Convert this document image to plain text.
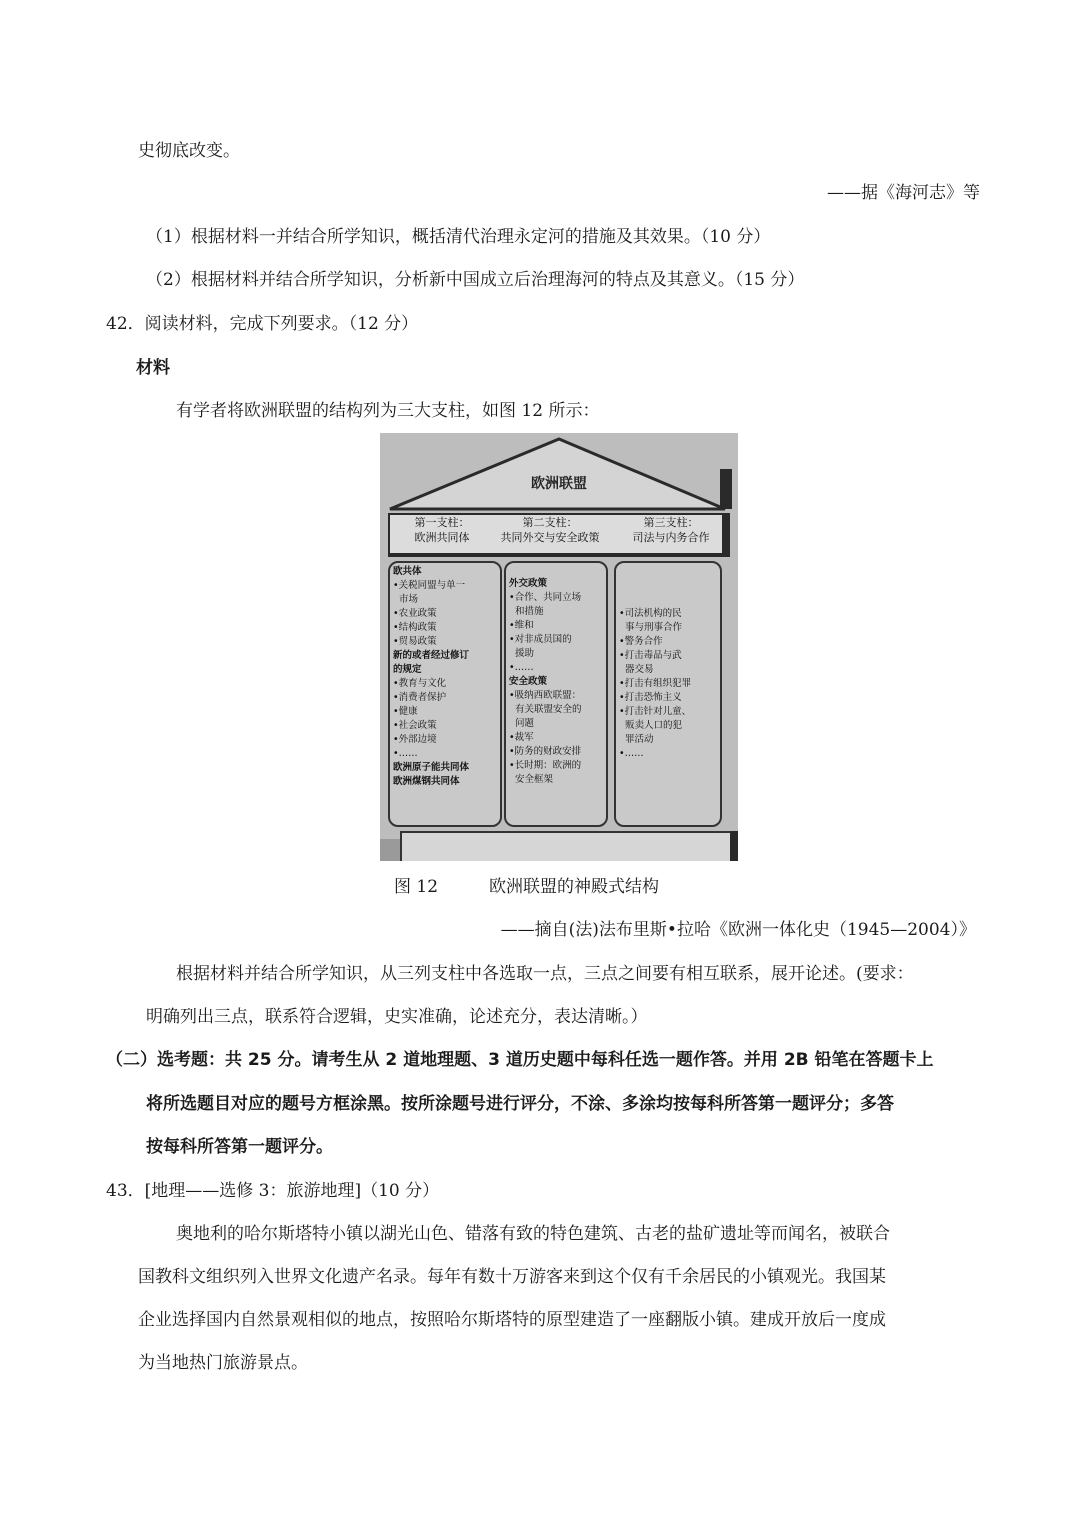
史彻底改变。
——据《海河志》等
（1）根据材料一并结合所学知识，概括清代治理永定河的措施及其效果。（10 分）
（2）根据材料并结合所学知识，分析新中国成立后治理海河的特点及其意义。（15 分）
42．阅读材料，完成下列要求。（12 分）
材料
有学者将欧洲联盟的结构列为三大支柱，如图 12 所示：
欧洲联盟
第一支柱：
欧洲共同体
第二支柱：
共同外交与安全政策
第三支柱：
司法与内务合作
欧共体
•关税同盟与单一
市场
•农业政策
•结构政策
•贸易政策
新的或者经过修订
的规定
•教育与文化
•消费者保护
•健康
•社会政策
•外部边境
•……
欧洲原子能共同体
欧洲煤钢共同体
外交政策
•合作、共同立场
和措施
•维和
•对非成员国的
援助
•……
安全政策
•吸纳西欧联盟：
有关联盟安全的
问题
•裁军
•防务的财政安排
•长时期：欧洲的
安全框架
•司法机构的民
事与刑事合作
•警务合作
•打击毒品与武
器交易
•打击有组织犯罪
•打击恐怖主义
•打击针对儿童、
贩卖人口的犯
罪活动
•……
图 12　　　欧洲联盟的神殿式结构
——摘自(法)法布里斯•拉哈《欧洲一体化史（1945—2004）》
根据材料并结合所学知识，从三列支柱中各选取一点，三点之间要有相互联系，展开论述。(要求：
明确列出三点，联系符合逻辑，史实准确，论述充分，表达清晰。）
（二）选考题：共 25 分。请考生从 2 道地理题、3 道历史题中每科任选一题作答。并用 2B 铅笔在答题卡上
将所选题目对应的题号方框涂黑。按所涂题号进行评分，不涂、多涂均按每科所答第一题评分；多答
按每科所答第一题评分。
43．[地理——选修 3：旅游地理]（10 分）
奥地利的哈尔斯塔特小镇以湖光山色、错落有致的特色建筑、古老的盐矿遗址等而闻名，被联合
国教科文组织列入世界文化遗产名录。每年有数十万游客来到这个仅有千余居民的小镇观光。我国某
企业选择国内自然景观相似的地点，按照哈尔斯塔特的原型建造了一座翻版小镇。建成开放后一度成
为当地热门旅游景点。
